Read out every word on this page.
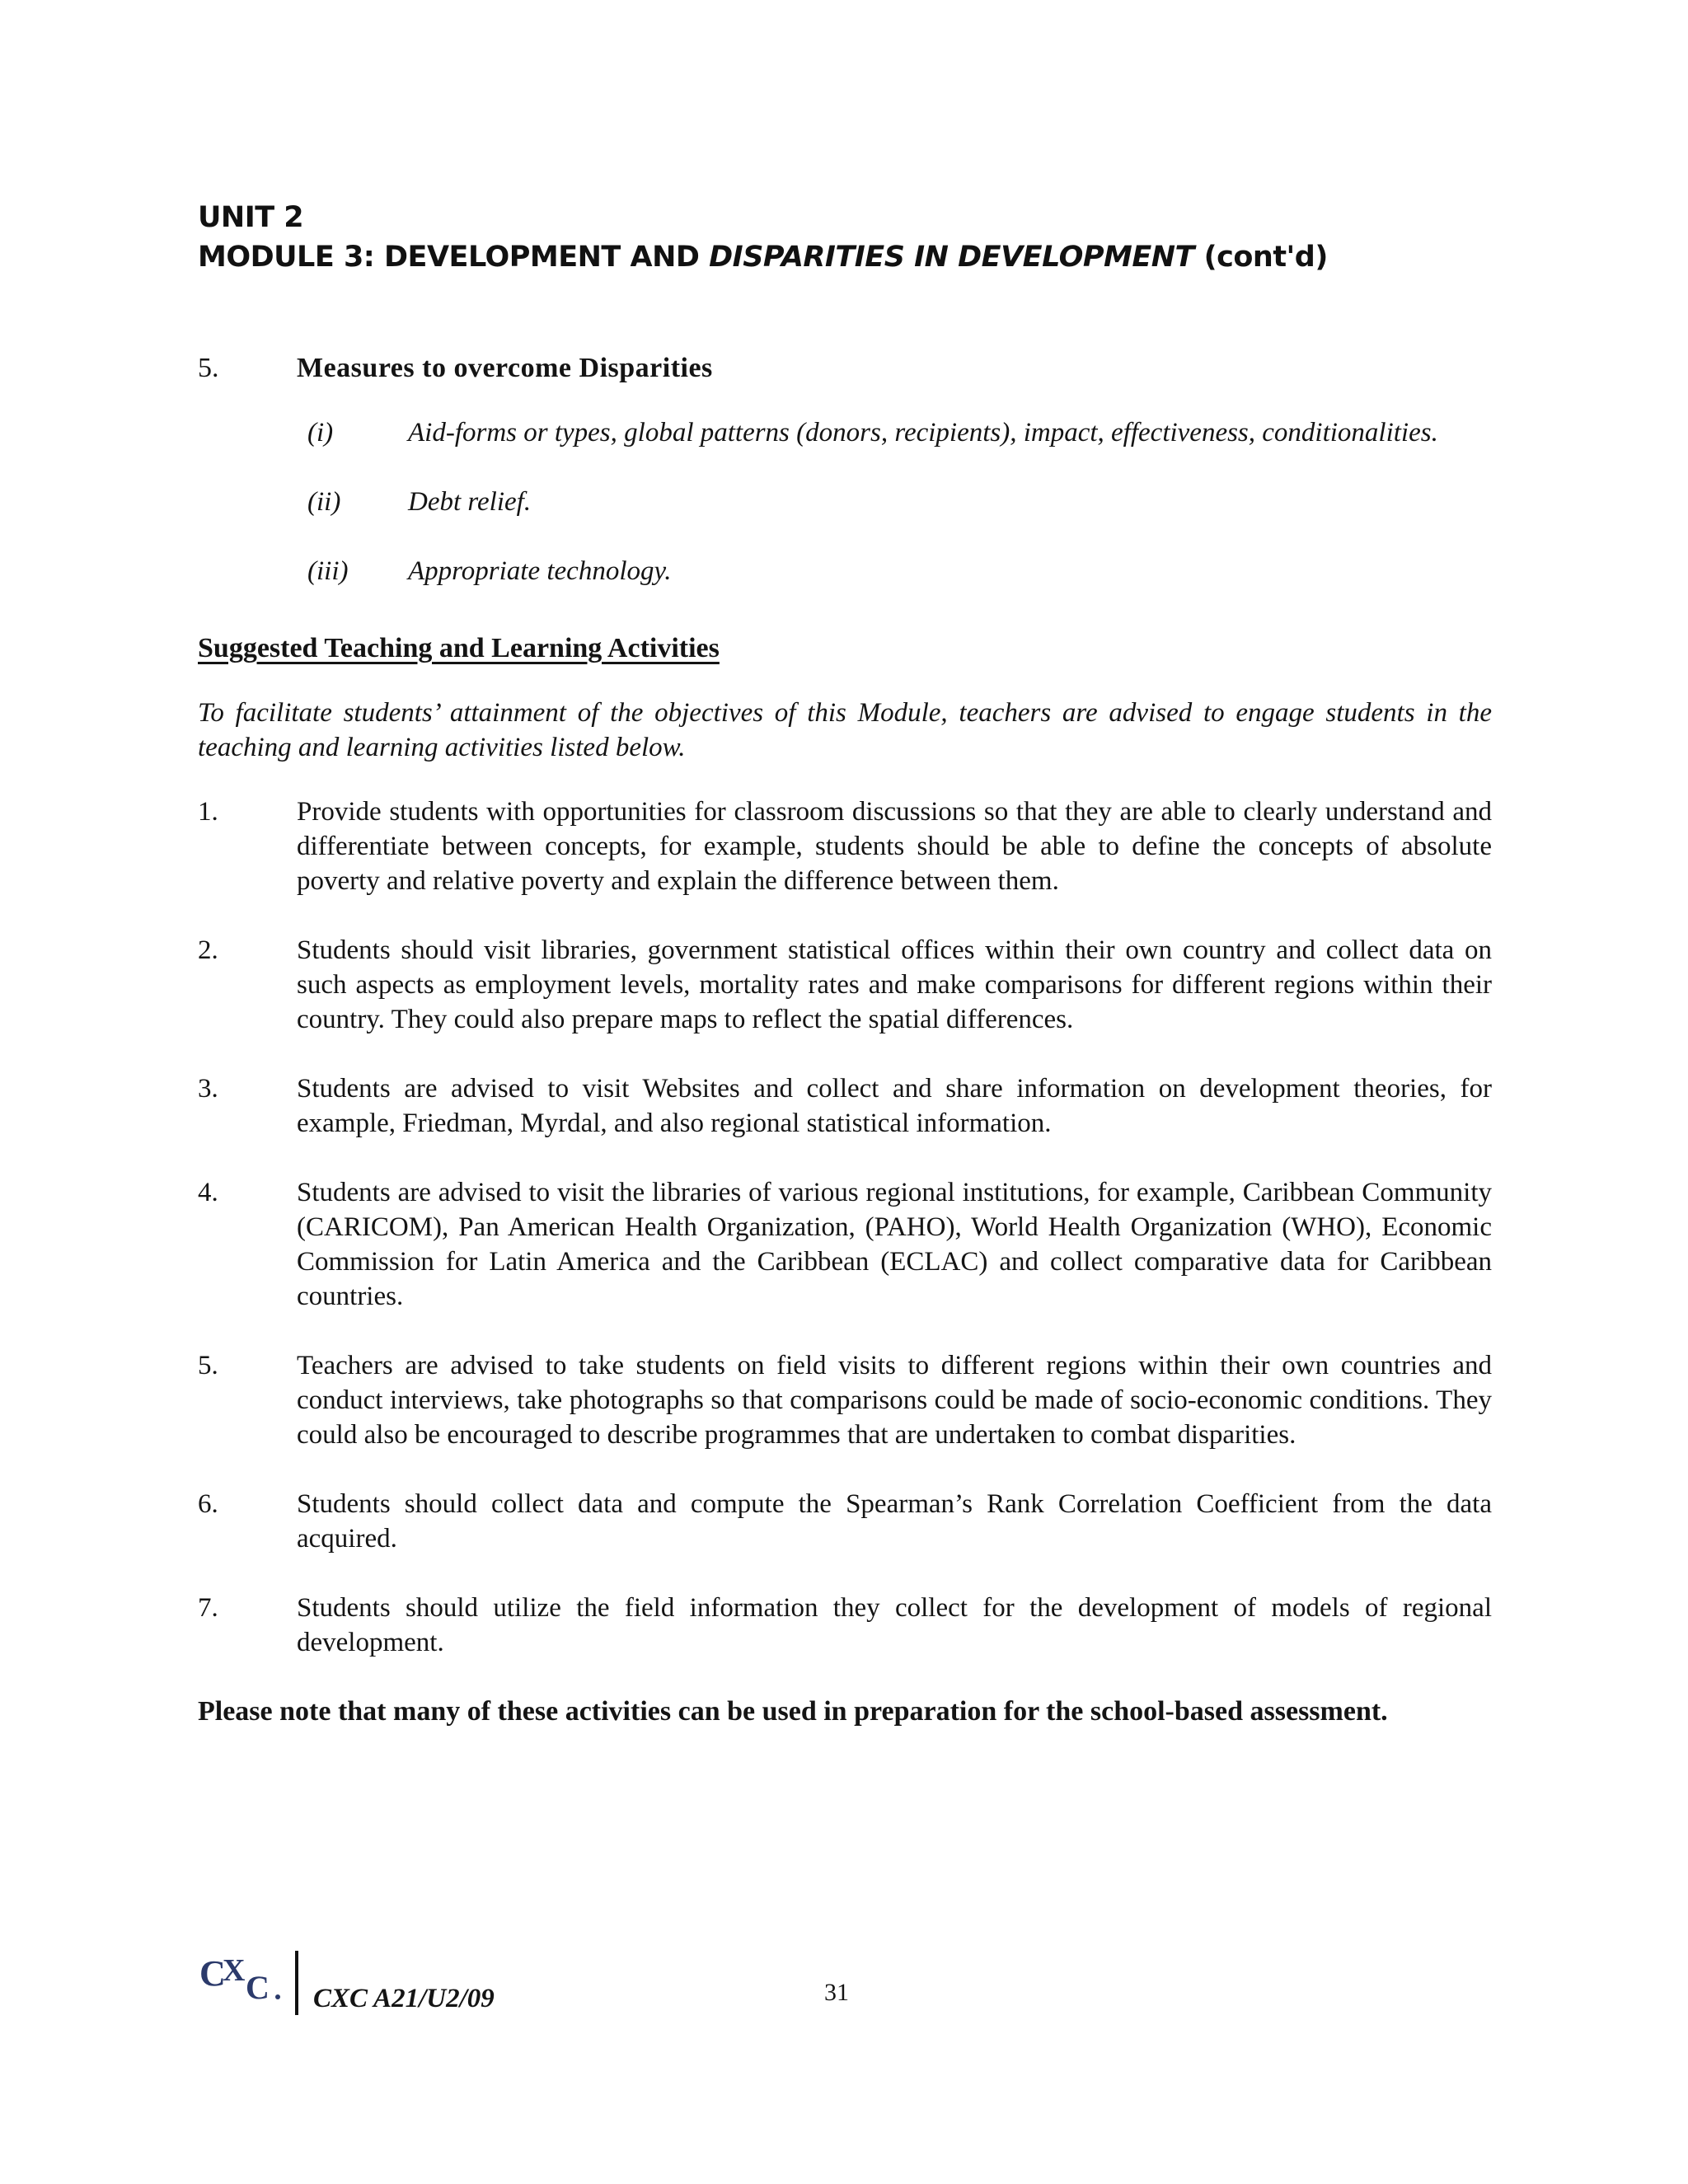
UNIT 2
MODULE 3: DEVELOPMENT AND DISPARITIES IN DEVELOPMENT (cont'd)
5.	Measures to overcome Disparities
(i)	Aid-forms or types, global patterns (donors, recipients), impact, effectiveness, conditionalities.
(ii)	Debt relief.
(iii)	Appropriate technology.
Suggested Teaching and Learning Activities
To facilitate students’ attainment of the objectives of this Module, teachers are advised to engage students in the teaching and learning activities listed below.
1.	Provide students with opportunities for classroom discussions so that they are able to clearly understand and differentiate between concepts, for example, students should be able to define the concepts of absolute poverty and relative poverty and explain the difference between them.
2.	Students should visit libraries, government statistical offices within their own country and collect data on such aspects as employment levels, mortality rates and make comparisons for different regions within their country. They could also prepare maps to reflect the spatial differences.
3.	Students are advised to visit Websites and collect and share information on development theories, for example, Friedman, Myrdal, and also regional statistical information.
4.	Students are advised to visit the libraries of various regional institutions, for example, Caribbean Community (CARICOM), Pan American Health Organization, (PAHO), World Health Organization (WHO), Economic Commission for Latin America and the Caribbean (ECLAC) and collect comparative data for Caribbean countries.
5.	Teachers are advised to take students on field visits to different regions within their own countries and conduct interviews, take photographs so that comparisons could be made of socio-economic conditions. They could also be encouraged to describe programmes that are undertaken to combat disparities.
6.	Students should collect data and compute the Spearman’s Rank Correlation Coefficient from the data acquired.
7.	Students should utilize the field information they collect for the development of models of regional development.
Please note that many of these activities can be used in preparation for the school-based assessment.
C
X C CXC A21/U2/09	31
